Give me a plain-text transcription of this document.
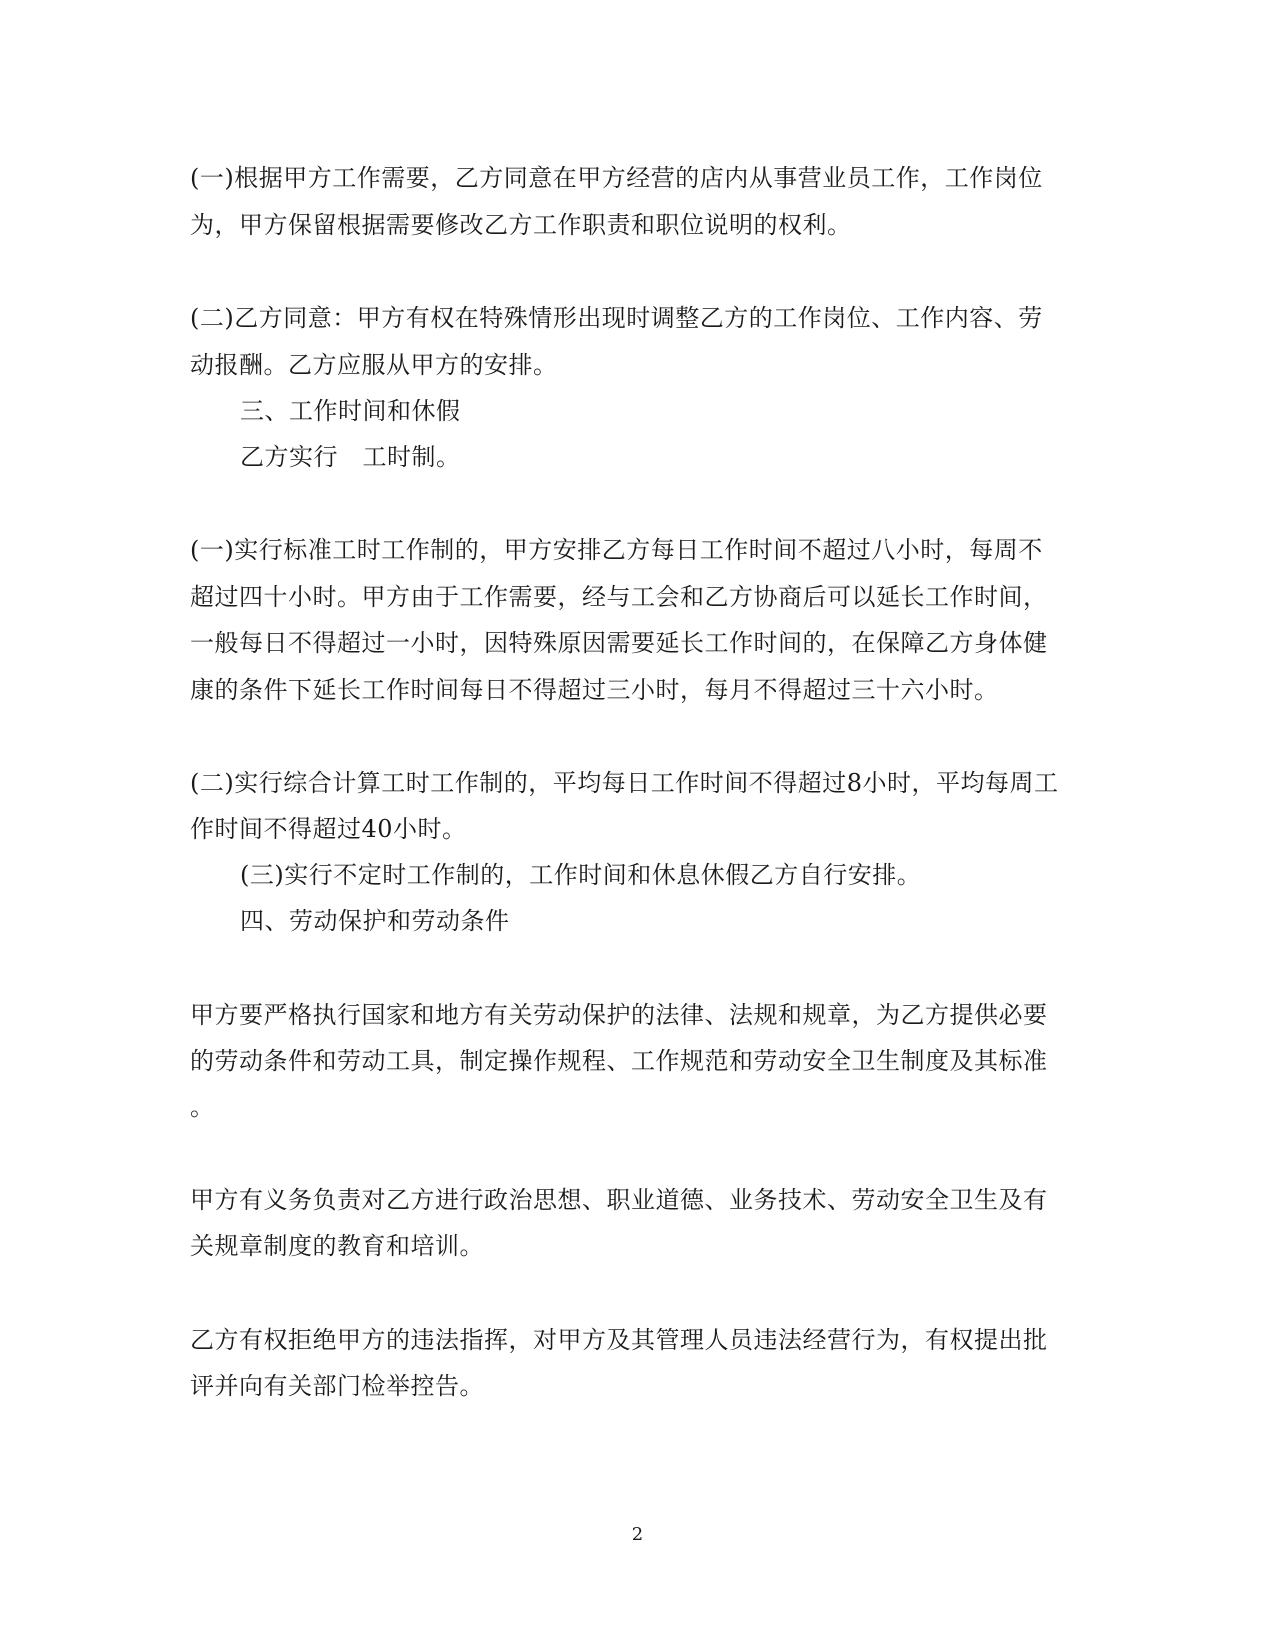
(一)根据甲方工作需要，乙方同意在甲方经营的店内从事营业员工作，工作岗位
为，甲方保留根据需要修改乙方工作职责和职位说明的权利。
(二)乙方同意：甲方有权在特殊情形出现时调整乙方的工作岗位、工作内容、劳
动报酬。乙方应服从甲方的安排。
三、工作时间和休假
乙方实行　工时制。
(一)实行标准工时工作制的，甲方安排乙方每日工作时间不超过八小时，每周不
超过四十小时。甲方由于工作需要，经与工会和乙方协商后可以延长工作时间，
一般每日不得超过一小时，因特殊原因需要延长工作时间的，在保障乙方身体健
康的条件下延长工作时间每日不得超过三小时，每月不得超过三十六小时。
(二)实行综合计算工时工作制的，平均每日工作时间不得超过8小时，平均每周工
作时间不得超过40小时。
(三)实行不定时工作制的，工作时间和休息休假乙方自行安排。
四、劳动保护和劳动条件
甲方要严格执行国家和地方有关劳动保护的法律、法规和规章，为乙方提供必要
的劳动条件和劳动工具，制定操作规程、工作规范和劳动安全卫生制度及其标准
。
甲方有义务负责对乙方进行政治思想、职业道德、业务技术、劳动安全卫生及有
关规章制度的教育和培训。
乙方有权拒绝甲方的违法指挥，对甲方及其管理人员违法经营行为，有权提出批
评并向有关部门检举控告。
2
